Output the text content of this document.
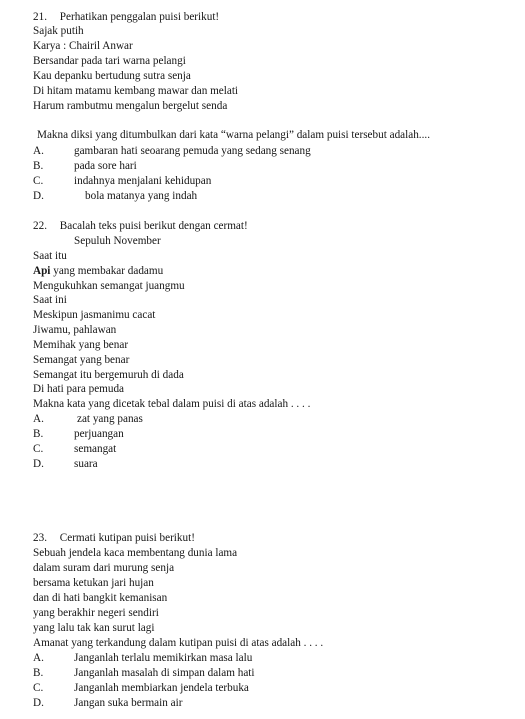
21. Perhatikan penggalan puisi berikut!
Sajak putih
Karya : Chairil Anwar
Bersandar pada tari warna pelangi
Kau depanku bertudung sutra senja
Di hitam matamu kembang mawar dan melati
Harum rambutmu mengalun bergelut senda
Makna diksi yang ditumbulkan dari kata “warna pelangi” dalam puisi tersebut adalah....
A.	gambaran hati seoarang pemuda yang sedang senang
B.	pada sore hari
C.	indahnya menjalani kehidupan
D.	bola matanya yang indah
22. Bacalah teks puisi berikut dengan cermat!
Sepuluh November
Saat itu
Api yang membakar dadamu
Mengukuhkan semangat juangmu
Saat ini
Meskipun jasmanimu cacat
Jiwamu, pahlawan
Memihak yang benar
Semangat yang benar
Semangat itu bergemuruh di dada
Di hati para pemuda
Makna kata yang dicetak tebal dalam puisi di atas adalah . . . .
A.	zat yang panas
B.	perjuangan
C.	semangat
D.	suara
23. Cermati kutipan puisi berikut!
Sebuah jendela kaca membentang dunia lama
dalam suram dari murung senja
bersama ketukan jari hujan
dan di hati bangkit kemanisan
yang berakhir negeri sendiri
yang lalu tak kan surut lagi
Amanat yang terkandung dalam kutipan puisi di atas adalah . . . .
A.	Janganlah terlalu memikirkan masa lalu
B.	Janganlah masalah di simpan dalam hati
C.	Janganlah membiarkan jendela terbuka
D.	Jangan suka bermain air
